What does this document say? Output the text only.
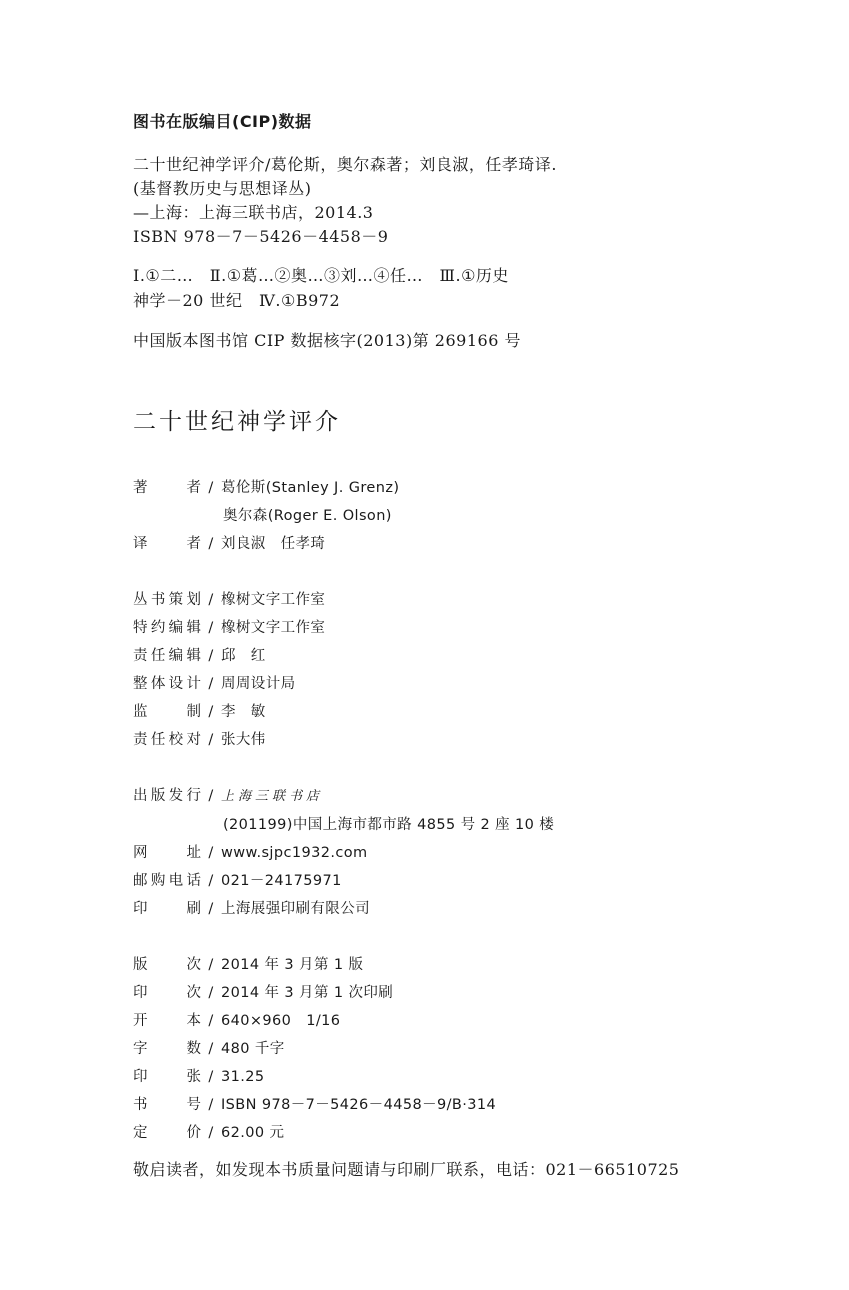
图书在版编目(CIP)数据
二十世纪神学评介/葛伦斯，奥尔森著；刘良淑，任孝琦译.
(基督教历史与思想译丛)
—上海：上海三联书店，2014.3
ISBN 978－7－5426－4458－9
Ⅰ.①二…　Ⅱ.①葛…②奥…③刘…④任…　Ⅲ.①历史
神学－20 世纪　Ⅳ.①B972
中国版本图书馆 CIP 数据核字(2013)第 269166 号
二十世纪神学评介
著者 / 葛伦斯(Stanley J. Grenz)
奥尔森(Roger E. Olson)
译者 / 刘良淑　任孝琦
丛书策划 / 橡树文字工作室
特约编辑 / 橡树文字工作室
责任编辑 / 邱　红
整体设计 / 周周设计局
监制 / 李　敏
责任校对 / 张大伟
出版发行 / 上海三联书店
(201199)中国上海市都市路 4855 号 2 座 10 楼
网址 / www.sjpc1932.com
邮购电话 / 021－24175971
印刷 / 上海展强印刷有限公司
版次 / 2014 年 3 月第 1 版
印次 / 2014 年 3 月第 1 次印刷
开本 / 640×960　1/16
字数 / 480 千字
印张 / 31.25
书号 / ISBN 978－7－5426－4458－9/B·314
定价 / 62.00 元
敬启读者，如发现本书质量问题请与印刷厂联系，电话：021－66510725
